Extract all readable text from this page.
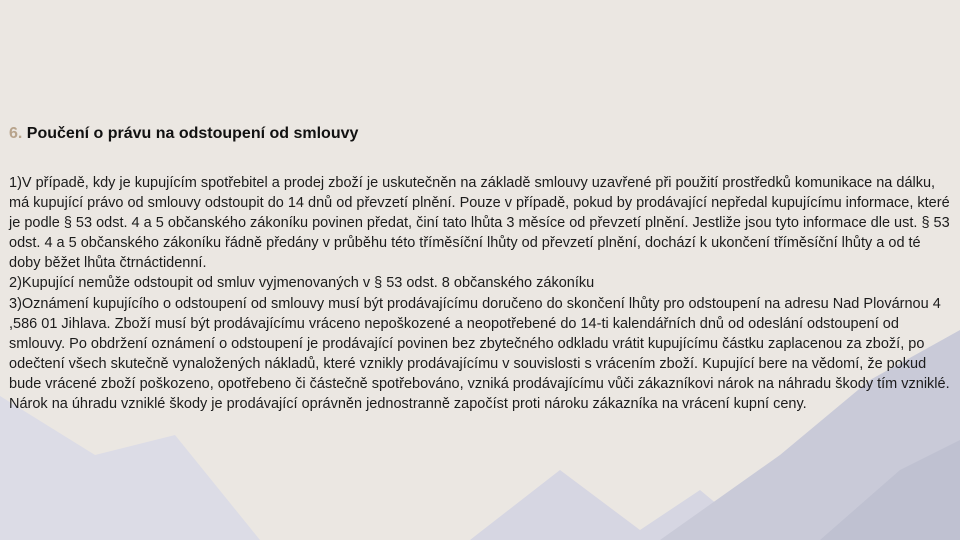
6. Poučení o právu na odstoupení od smlouvy

1)V případě, kdy je kupujícím spotřebitel a prodej zboží je uskutečněn na základě smlouvy uzavřené při použití prostředků komunikace na dálku, má kupující právo od smlouvy odstoupit do 14 dnů od převzetí plnění. Pouze v případě, pokud by prodávající nepředal kupujícímu informace, které je podle § 53 odst. 4 a 5 občanského zákoníku povinen předat, činí tato lhůta 3 měsíce od převzetí plnění. Jestliže jsou tyto informace dle ust. § 53 odst. 4 a 5 občanského zákoníku řádně předány v průběhu této tříměsíční lhůty od převzetí plnění, dochází k ukončení tříměsíční lhůty a od té doby běžet lhůta čtrnáctidenní.

2)Kupující nemůže odstoupit od smluv vyjmenovaných v § 53 odst. 8 občanského zákoníku

3)Oznámení kupujícího o odstoupení od smlouvy musí být prodávajícímu doručeno do skončení lhůty pro odstoupení na adresu Nad Plovárnou 4 ,586 01 Jihlava. Zboží musí být prodávajícímu vráceno nepoškozené a neopotřebené do 14-ti kalendářních dnů od odeslání odstoupení od smlouvy. Po obdržení oznámení o odstoupení je prodávající povinen bez zbytečného odkladu vrátit kupujícímu částku zaplacenou za zboží, po odečtení všech skutečně vynaložených nákladů, které vznikly prodávajícímu v souvislosti s vrácením zboží. Kupující bere na vědomí, že pokud bude vrácené zboží poškozeno, opotřebeno či částečně spotřebováno, vzniká prodávajícímu vůči zákazníkovi nárok na náhradu škody tím vzniklé. Nárok na úhradu vzniklé škody je prodávající oprávněn jednostranně započíst proti nároku zákazníka na vrácení kupní ceny.
